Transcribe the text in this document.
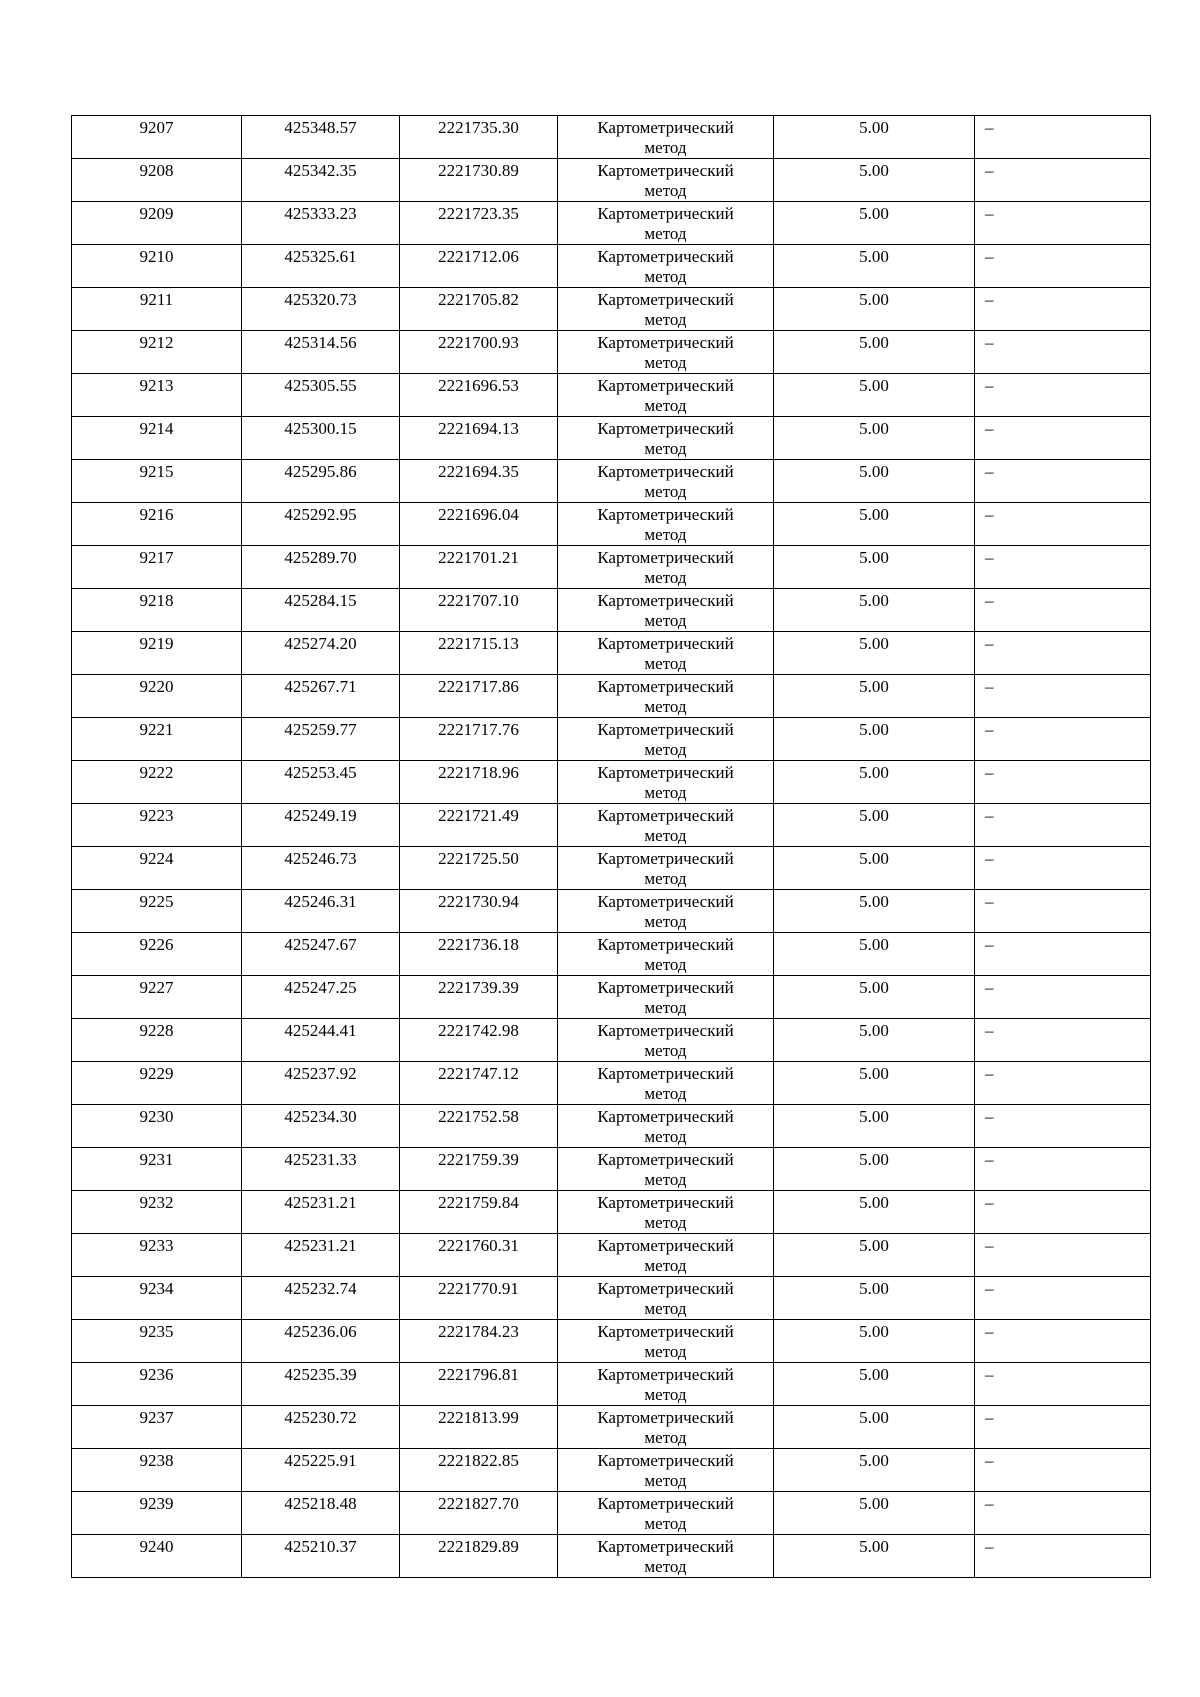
9207	425348.57	2221735.30	Картометрический
метод	5.00	–
9208	425342.35	2221730.89	Картометрический
метод	5.00	–
9209	425333.23	2221723.35	Картометрический
метод	5.00	–
9210	425325.61	2221712.06	Картометрический
метод	5.00	–
9211	425320.73	2221705.82	Картометрический
метод	5.00	–
9212	425314.56	2221700.93	Картометрический
метод	5.00	–
9213	425305.55	2221696.53	Картометрический
метод	5.00	–
9214	425300.15	2221694.13	Картометрический
метод	5.00	–
9215	425295.86	2221694.35	Картометрический
метод	5.00	–
9216	425292.95	2221696.04	Картометрический
метод	5.00	–
9217	425289.70	2221701.21	Картометрический
метод	5.00	–
9218	425284.15	2221707.10	Картометрический
метод	5.00	–
9219	425274.20	2221715.13	Картометрический
метод	5.00	–
9220	425267.71	2221717.86	Картометрический
метод	5.00	–
9221	425259.77	2221717.76	Картометрический
метод	5.00	–
9222	425253.45	2221718.96	Картометрический
метод	5.00	–
9223	425249.19	2221721.49	Картометрический
метод	5.00	–
9224	425246.73	2221725.50	Картометрический
метод	5.00	–
9225	425246.31	2221730.94	Картометрический
метод	5.00	–
9226	425247.67	2221736.18	Картометрический
метод	5.00	–
9227	425247.25	2221739.39	Картометрический
метод	5.00	–
9228	425244.41	2221742.98	Картометрический
метод	5.00	–
9229	425237.92	2221747.12	Картометрический
метод	5.00	–
9230	425234.30	2221752.58	Картометрический
метод	5.00	–
9231	425231.33	2221759.39	Картометрический
метод	5.00	–
9232	425231.21	2221759.84	Картометрический
метод	5.00	–
9233	425231.21	2221760.31	Картометрический
метод	5.00	–
9234	425232.74	2221770.91	Картометрический
метод	5.00	–
9235	425236.06	2221784.23	Картометрический
метод	5.00	–
9236	425235.39	2221796.81	Картометрический
метод	5.00	–
9237	425230.72	2221813.99	Картометрический
метод	5.00	–
9238	425225.91	2221822.85	Картометрический
метод	5.00	–
9239	425218.48	2221827.70	Картометрический
метод	5.00	–
9240	425210.37	2221829.89	Картометрический
метод	5.00	–
